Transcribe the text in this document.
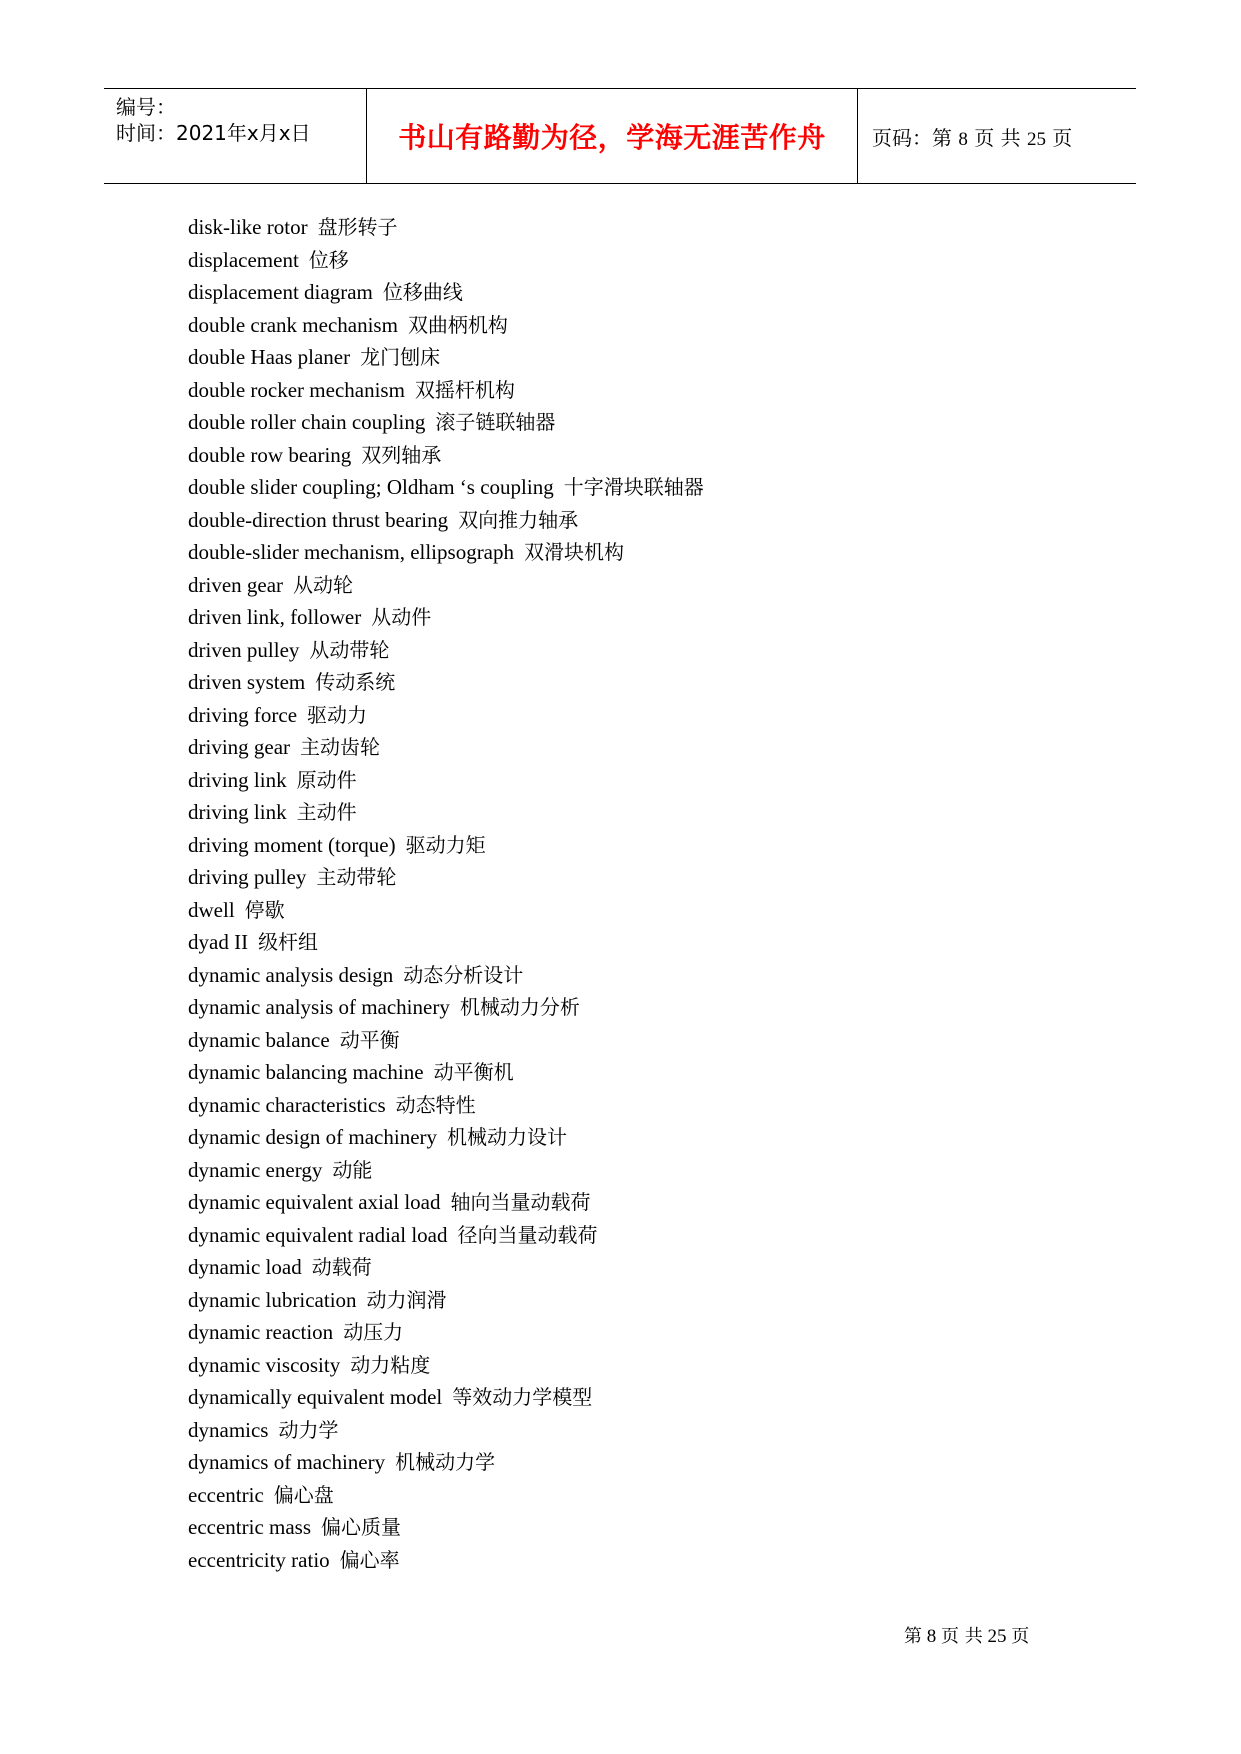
编号：
时间：2021年x月x日	书山有路勤为径，学海无涯苦作舟 页码：第 8 页 共 25 页
disk-like rotor 盘形转子
displacement 位移
displacement diagram 位移曲线
double crank mechanism 双曲柄机构
double Haas planer 龙门刨床
double rocker mechanism 双摇杆机构
double roller chain coupling 滚子链联轴器
double row bearing 双列轴承
double slider coupling; Oldham ‘s coupling 十字滑块联轴器
double-direction thrust bearing 双向推力轴承
double-slider mechanism, ellipsograph 双滑块机构
driven gear 从动轮
driven link, follower 从动件
driven pulley 从动带轮
driven system 传动系统
driving force 驱动力
driving gear 主动齿轮
driving link 原动件
driving link 主动件
driving moment (torque) 驱动力矩
driving pulley 主动带轮
dwell 停歇
dyad II 级杆组
dynamic analysis design 动态分析设计
dynamic analysis of machinery 机械动力分析
dynamic balance 动平衡
dynamic balancing machine 动平衡机
dynamic characteristics 动态特性
dynamic design of machinery 机械动力设计
dynamic energy 动能
dynamic equivalent axial load 轴向当量动载荷
dynamic equivalent radial load 径向当量动载荷
dynamic load 动载荷
dynamic lubrication 动力润滑
dynamic reaction 动压力
dynamic viscosity 动力粘度
dynamically equivalent model 等效动力学模型
dynamics 动力学
dynamics of machinery 机械动力学
eccentric 偏心盘
eccentric mass 偏心质量
eccentricity ratio 偏心率
第 8 页 共 25 页
